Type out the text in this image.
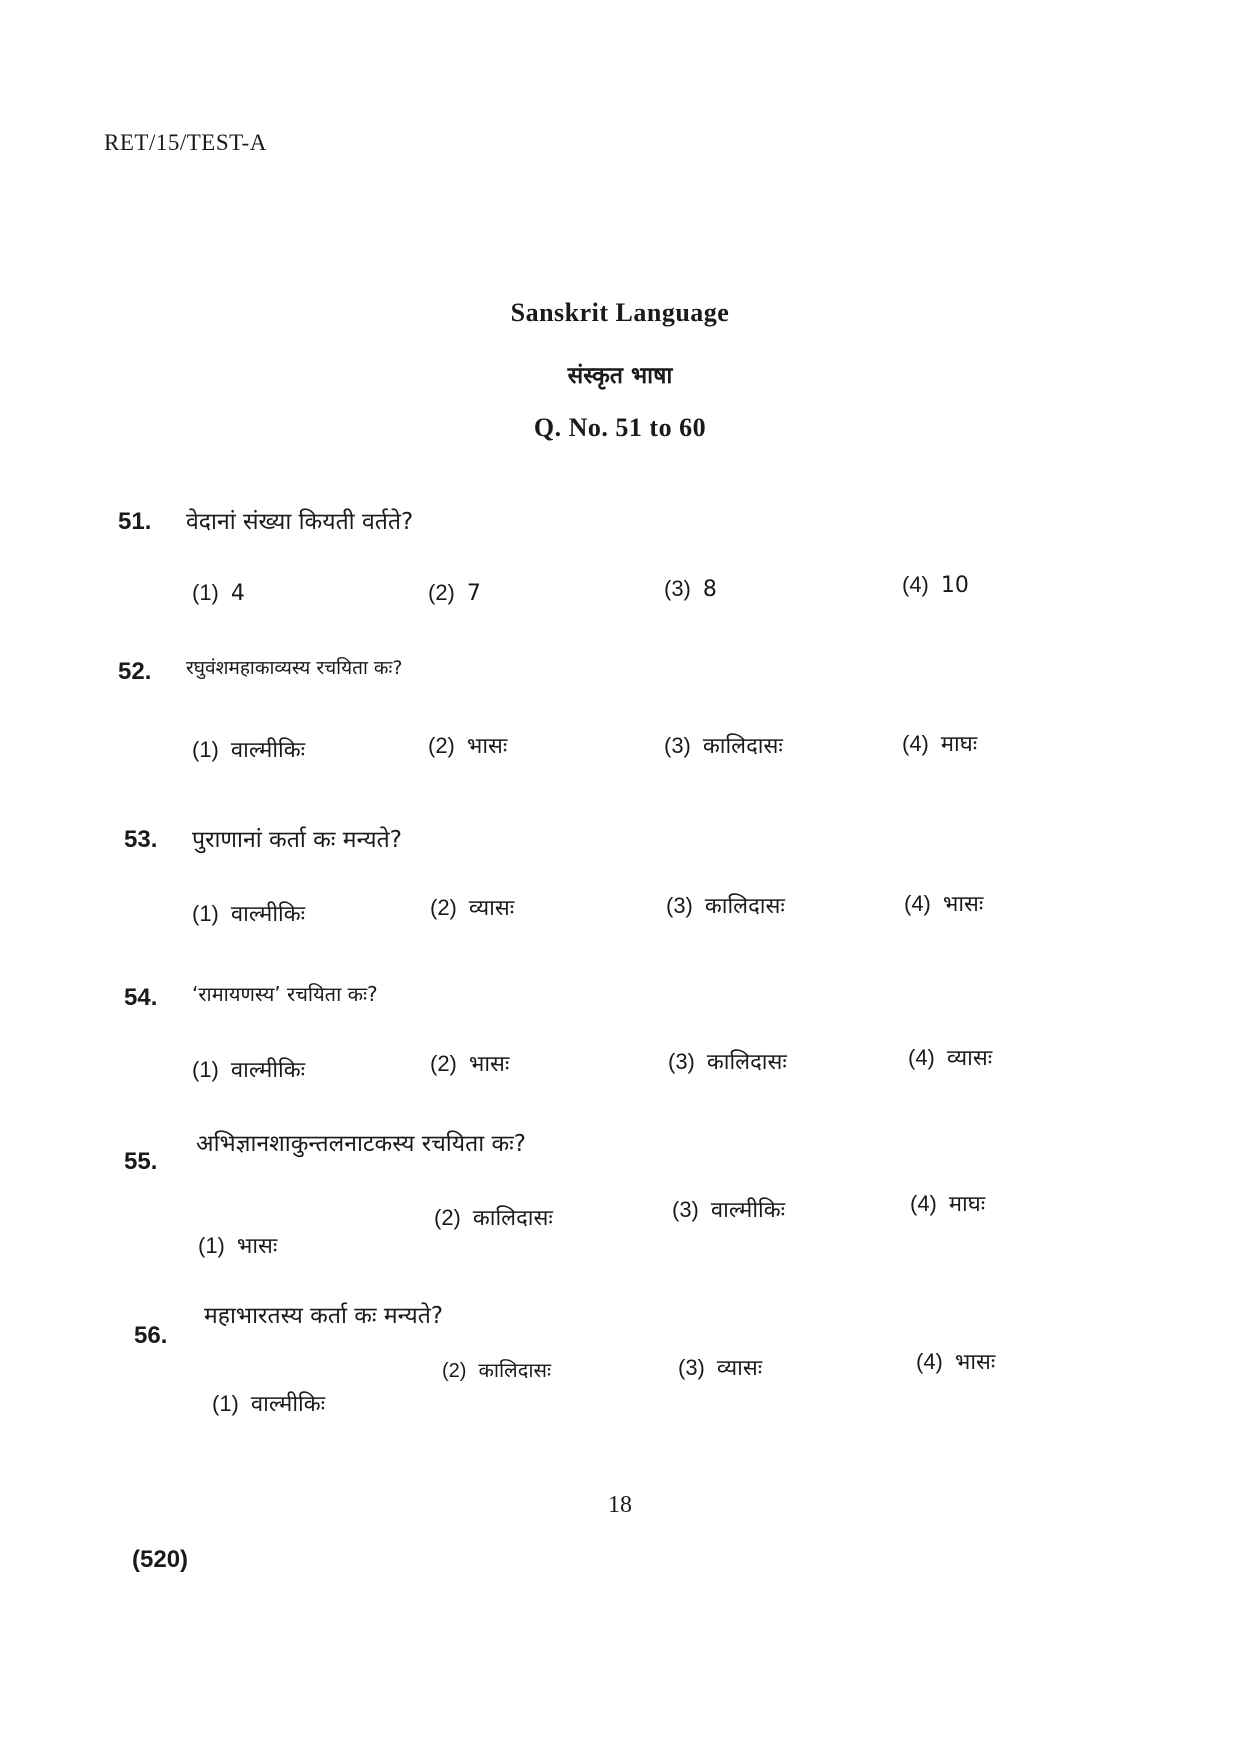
RET/15/TEST-A
Sanskrit Language
संस्कृत भाषा
Q. No. 51 to 60
51. वेदानां संख्या कियती वर्तते?
(1) 4	(2) 7	(3) 8	(4) 10
52. रघुवंशमहाकाव्यस्य रचयिता कः?
(1) वाल्मीकिः	(2) भासः	(3) कालिदासः	(4) माघः
53. पुराणानां कर्ता कः मन्यते?
(1) वाल्मीकिः	(2) व्यासः	(3) कालिदासः	(4) भासः
54. ‘रामायणस्य’ रचयिता कः?
(1) वाल्मीकिः	(2) भासः	(3) कालिदासः	(4) व्यासः
55.
अभिज्ञानशाकुन्तलनाटकस्य रचयिता कः?
(1) भासः
(2) कालिदासः	(3) वाल्मीकिः	(4) माघः
56.
महाभारतस्य कर्ता कः मन्यते?
(1) वाल्मीकिः
(2) कालिदासः	(3) व्यासः	(4) भासः
18
(520)
